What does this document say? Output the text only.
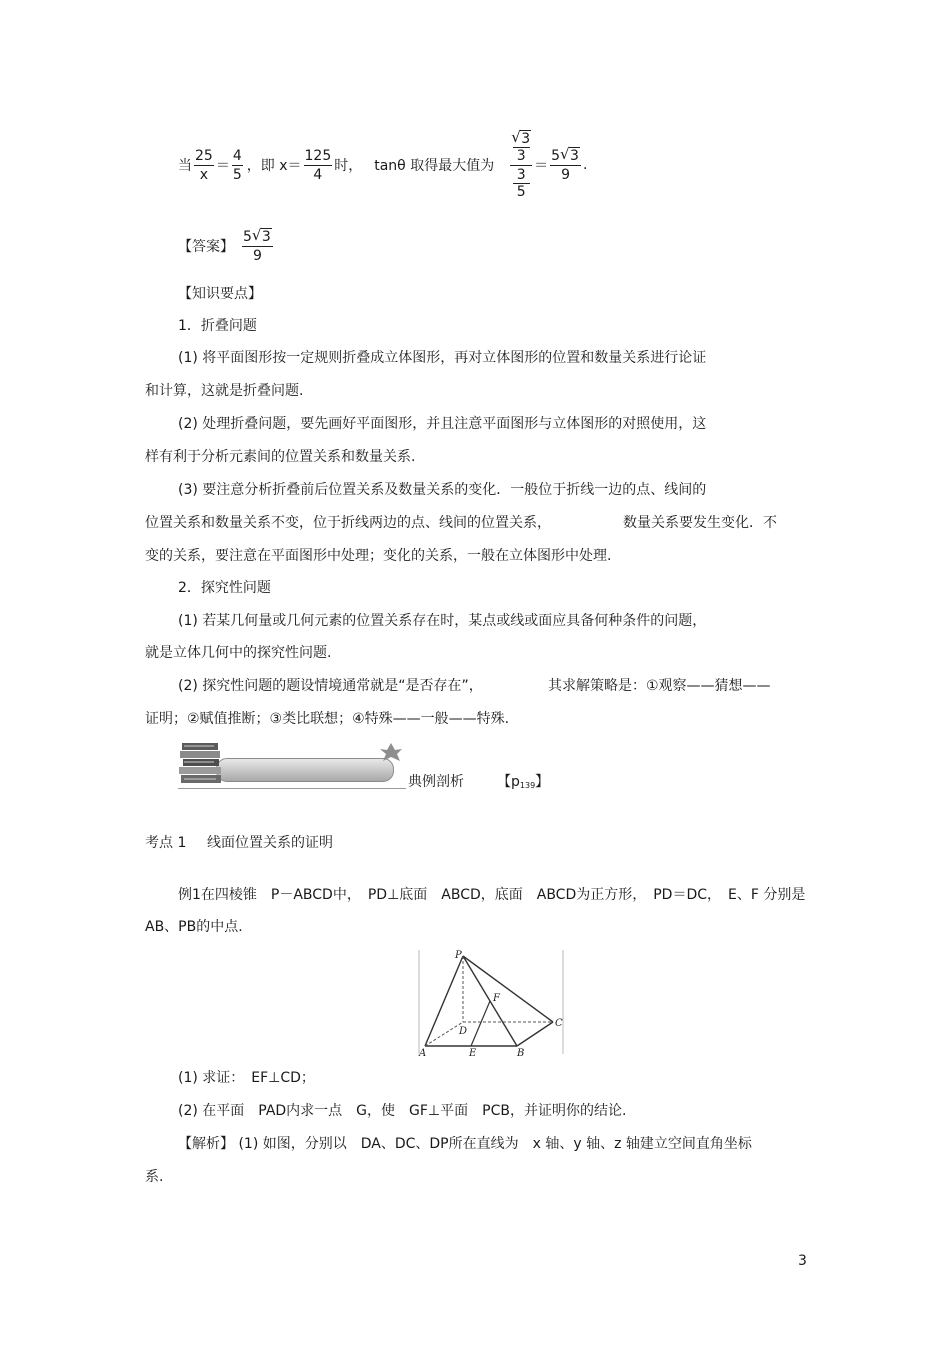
当 $\frac{25}{x} = \frac{4}{5}$ ，即 $x= \frac{125}{4}$ 时， tanθ 取得最大值为 √ 3
3
3
$5 = \frac{5 √ 3}{9}$ .
【答案】 $\frac{5 √ 3}{9}$
【知识要点】
1．折叠问题
(1) 将平面图形按一定规则折叠成立体图形，再对立体图形的位置和数量关系进行论证
和计算，这就是折叠问题.
(2) 处理折叠问题，要先画好平面图形，并且注意平面图形与立体图形的对照使用，这
样有利于分析元素间的位置关系和数量关系.
(3) 要注意分析折叠前后位置关系及数量关系的变化．一般位于折线一边的点、线间的
位置关系和数量关系不变，位于折线两边的点、线间的位置关系，	数量关系要发生变化．不
变的关系，要注意在平面图形中处理；变化的关系，一般在立体图形中处理.
2．探究性问题
(1) 若某几何量或几何元素的位置关系存在时，某点或线或面应具备何种条件的问题，
就是立体几何中的探究性问题.
(2) 探究性问题的题设情境通常就是“是否存在”，	其求解策略是：①观察——猜想——
证明；②赋值推断；③类比联想；④特殊——一般——特殊.
典例剖析 【$p_{139}$】
考点 1 线面位置关系的证明
例1在四棱锥　P－ABCD中，　PD⊥底面　ABCD，底面　ABCD为正方形，　PD＝DC，　E、F 分别是
AB、PB的中点.
P
F
D
C
A	E	B
(1) 求证：　EF⊥CD；
(2) 在平面　PAD内求一点　G，使　GF⊥平面　PCB，并证明你的结论.
【解析】 (1) 如图，分别以　DA、DC、DP所在直线为　x 轴、y 轴、z 轴建立空间直角坐标
系.
3
